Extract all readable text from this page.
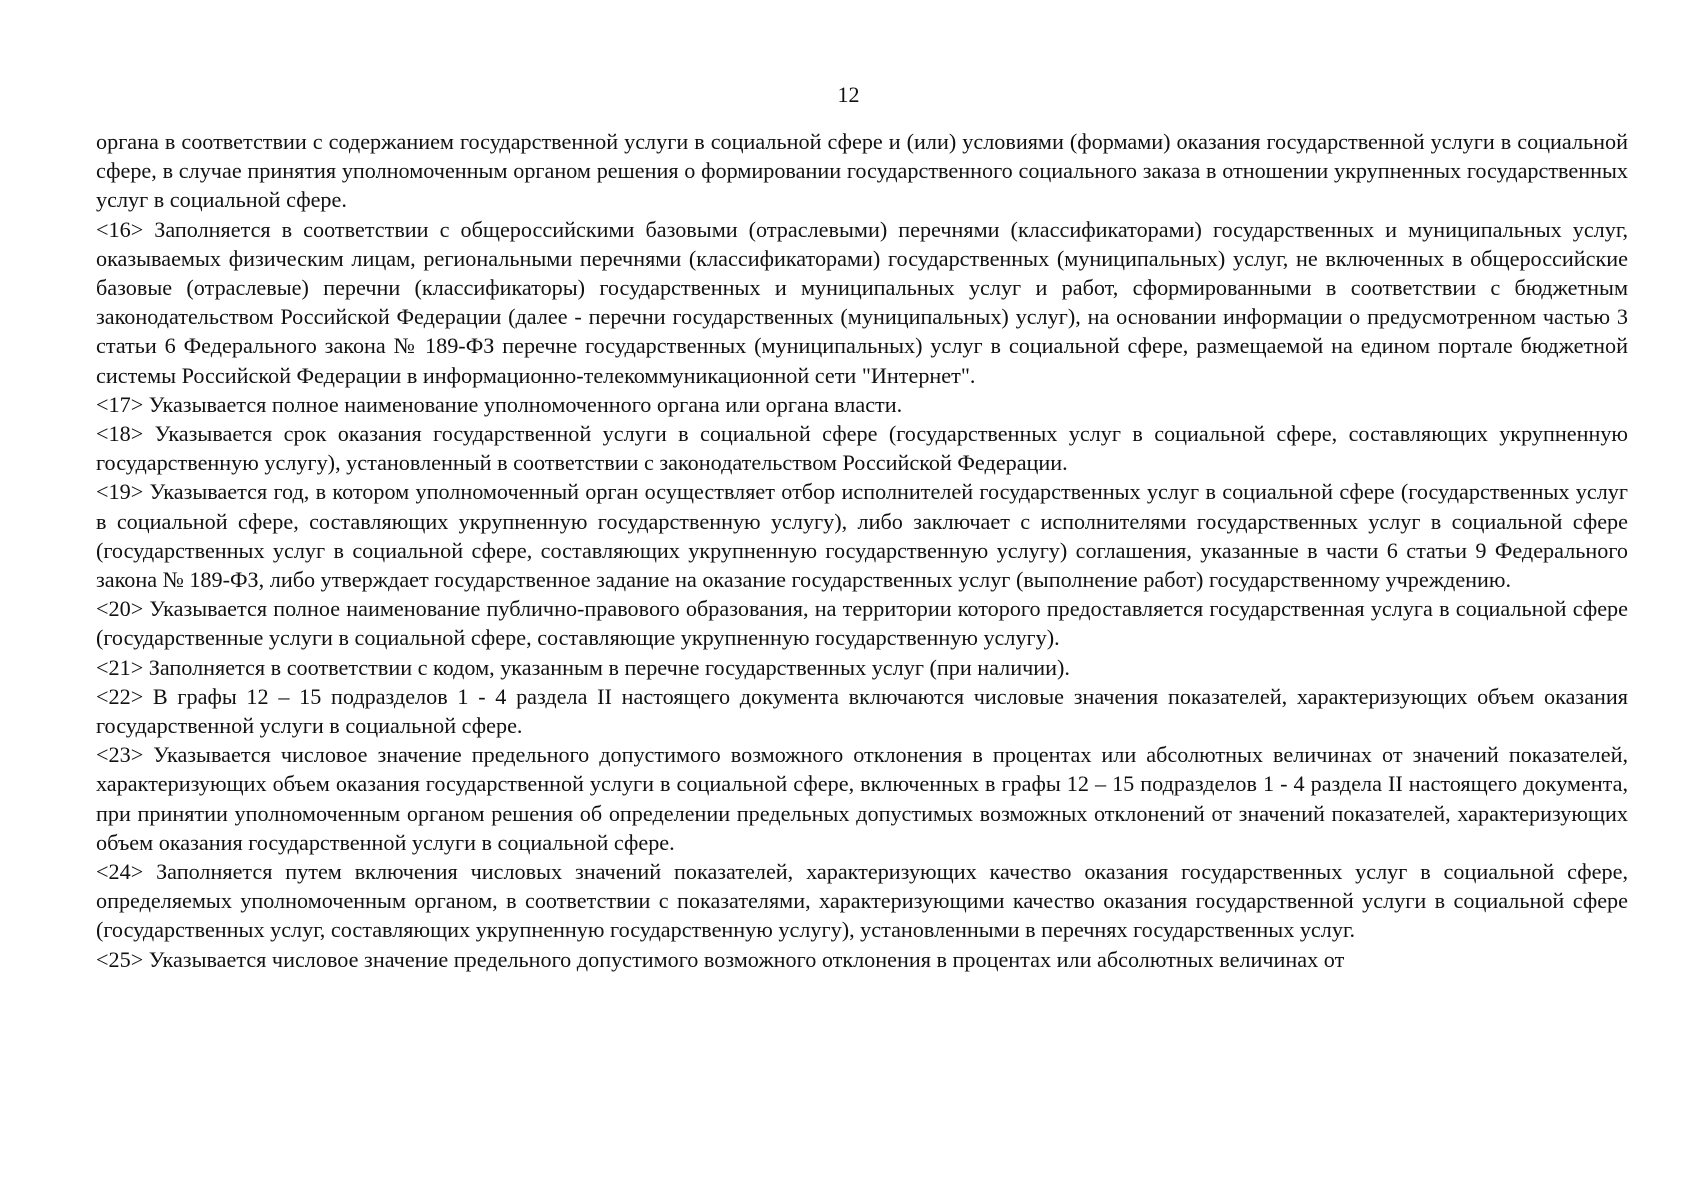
12

органа в соответствии с содержанием государственной услуги в социальной сфере и (или) условиями (формами) оказания государственной услуги в социальной сфере, в случае принятия уполномоченным органом решения о формировании государственного социального заказа в отношении укрупненных государственных услуг в социальной сфере.

<16> Заполняется в соответствии с общероссийскими базовыми (отраслевыми) перечнями (классификаторами) государственных и муниципальных услуг, оказываемых физическим лицам, региональными перечнями (классификаторами) государственных (муниципальных) услуг, не включенных в общероссийские базовые (отраслевые) перечни (классификаторы) государственных и муниципальных услуг и работ, сформированными в соответствии с бюджетным законодательством Российской Федерации (далее - перечни государственных (муниципальных) услуг), на основании информации о предусмотренном частью 3 статьи 6 Федерального закона № 189-ФЗ перечне государственных (муниципальных) услуг в социальной сфере, размещаемой на едином портале бюджетной системы Российской Федерации в информационно-телекоммуникационной сети "Интернет".

<17> Указывается полное наименование уполномоченного органа или органа власти.

<18> Указывается срок оказания государственной услуги в социальной сфере (государственных услуг в социальной сфере, составляющих укрупненную государственную услугу), установленный в соответствии с законодательством Российской Федерации.

<19> Указывается год, в котором уполномоченный орган осуществляет отбор исполнителей государственных услуг в социальной сфере (государственных услуг в социальной сфере, составляющих укрупненную государственную услугу), либо заключает с исполнителями государственных услуг в социальной сфере (государственных услуг в социальной сфере, составляющих укрупненную государственную услугу) соглашения, указанные в части 6 статьи 9 Федерального закона № 189-ФЗ, либо утверждает государственное задание на оказание государственных услуг (выполнение работ) государственному учреждению.

<20> Указывается полное наименование публично-правового образования, на территории которого предоставляется государственная услуга в социальной сфере (государственные услуги в социальной сфере, составляющие укрупненную государственную услугу).

<21> Заполняется в соответствии с кодом, указанным в перечне государственных услуг (при наличии).

<22> В графы 12 – 15 подразделов 1 - 4 раздела II настоящего документа включаются числовые значения показателей, характеризующих объем оказания государственной услуги в социальной сфере.

<23> Указывается числовое значение предельного допустимого возможного отклонения в процентах или абсолютных величинах от значений показателей, характеризующих объем оказания государственной услуги в социальной сфере, включенных в графы 12 – 15 подразделов 1 - 4 раздела II настоящего документа, при принятии уполномоченным органом решения об определении предельных допустимых возможных отклонений от значений показателей, характеризующих объем оказания государственной услуги в социальной сфере.

<24> Заполняется путем включения числовых значений показателей, характеризующих качество оказания государственных услуг в социальной сфере, определяемых уполномоченным органом, в соответствии с показателями, характеризующими качество оказания государственной услуги в социальной сфере (государственных услуг, составляющих укрупненную государственную услугу), установленными в перечнях государственных услуг.

<25> Указывается числовое значение предельного допустимого возможного отклонения в процентах или абсолютных величинах от
